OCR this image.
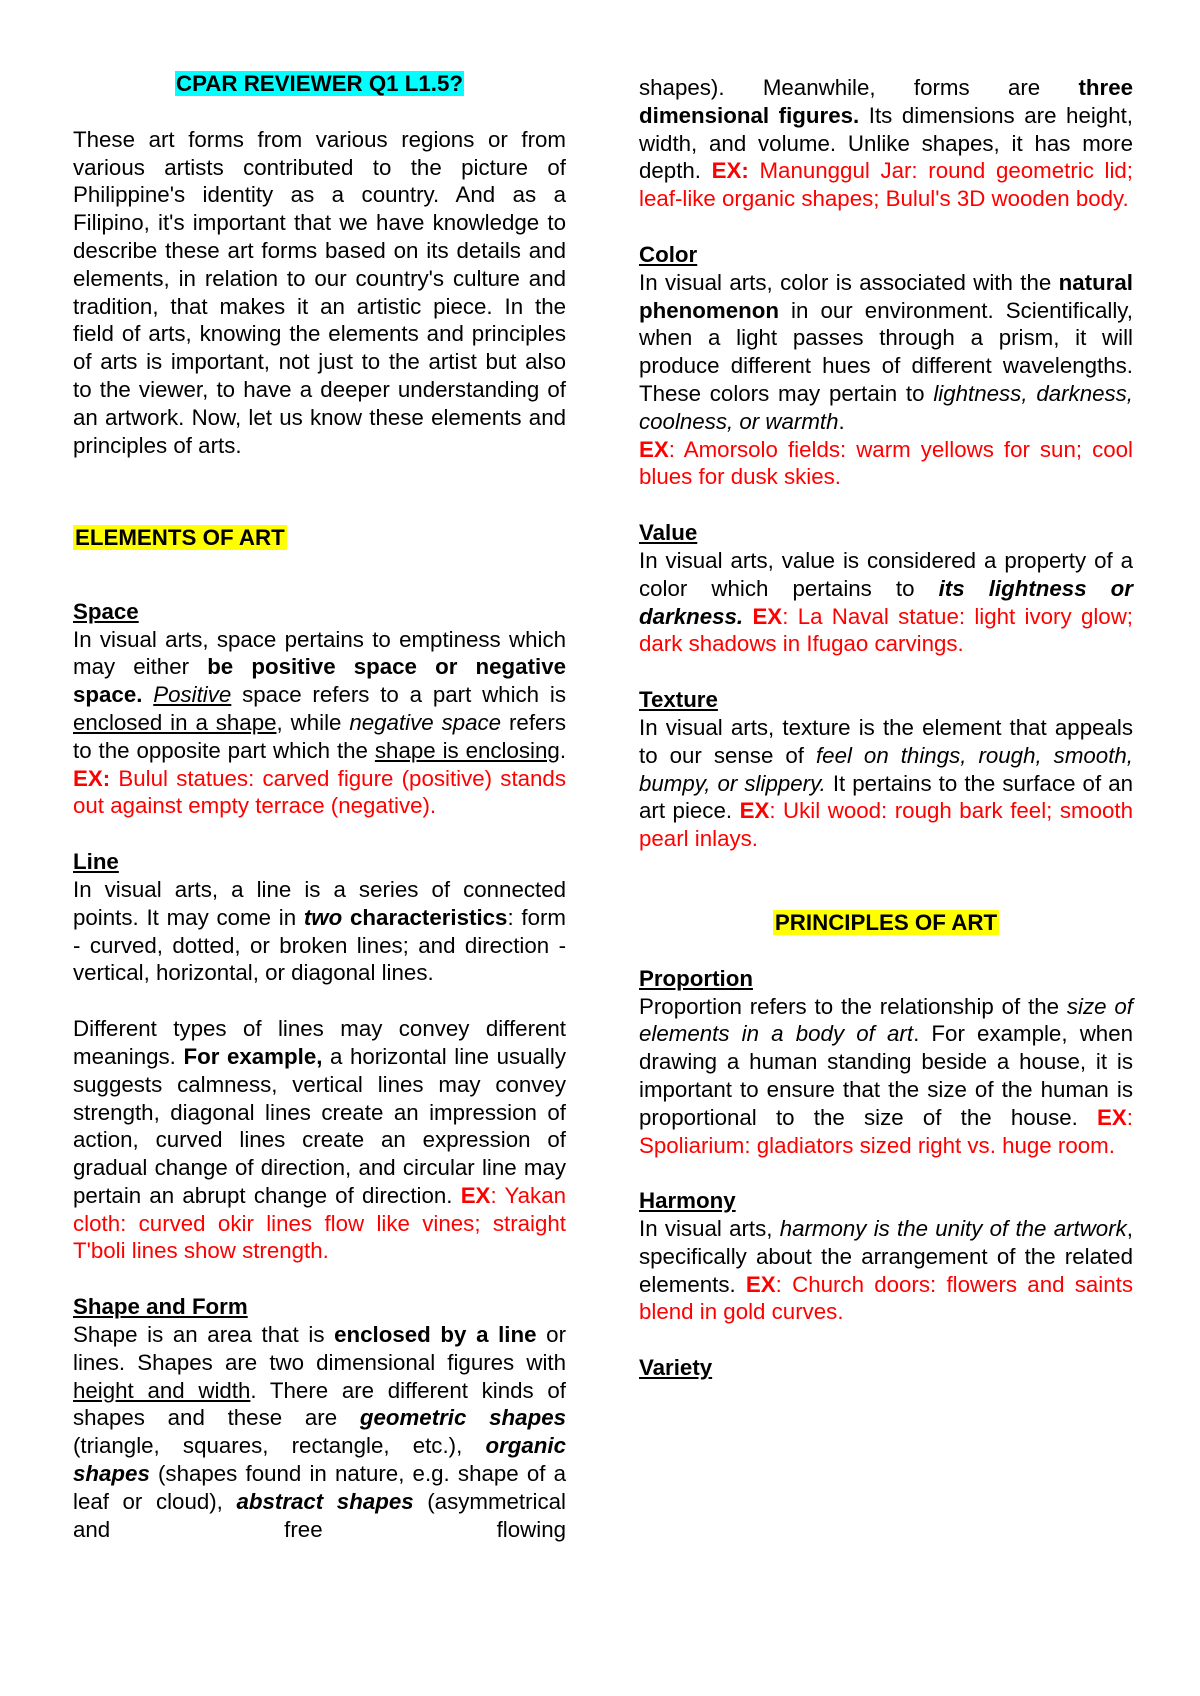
CPAR REVIEWER Q1 L1.5?

These art forms from various regions or from various artists contributed to the picture of Philippine's identity as a country. And as a Filipino, it's important that we have knowledge to describe these art forms based on its details and elements, in relation to our country's culture and tradition, that makes it an artistic piece. In the field of arts, knowing the elements and principles of arts is important, not just to the artist but also to the viewer, to have a deeper understanding of an artwork. Now, let us know these elements and principles of arts.

ELEMENTS OF ART

Space

In visual arts, space pertains to emptiness which may either be positive space or negative space. Positive space refers to a part which is enclosed in a shape, while negative space refers to the opposite part which the shape is enclosing. EX: Bulul statues: carved figure (positive) stands out against empty terrace (negative).

Line

In visual arts, a line is a series of connected points. It may come in two characteristics: form - curved, dotted, or broken lines; and direction - vertical, horizontal, or diagonal lines.

Different types of lines may convey different meanings. For example, a horizontal line usually suggests calmness, vertical lines may convey strength, diagonal lines create an impression of action, curved lines create an expression of gradual change of direction, and circular line may pertain an abrupt change of direction. EX: Yakan cloth: curved okir lines flow like vines; straight T'boli lines show strength.

Shape and Form

Shape is an area that is enclosed by a line or lines. Shapes are two dimensional figures with height and width. There are different kinds of shapes and these are geometric shapes (triangle, squares, rectangle, etc.), organic shapes (shapes found in nature, e.g. shape of a leaf or cloud), abstract shapes (asymmetrical and free flowing

shapes). Meanwhile, forms are three dimensional figures. Its dimensions are height, width, and volume. Unlike shapes, it has more depth. EX: Manunggul Jar: round geometric lid; leaf-like organic shapes; Bulul's 3D wooden body.

Color

In visual arts, color is associated with the natural phenomenon in our environment. Scientifically, when a light passes through a prism, it will produce different hues of different wavelengths. These colors may pertain to lightness, darkness, coolness, or warmth.
EX: Amorsolo fields: warm yellows for sun; cool blues for dusk skies.

Value

In visual arts, value is considered a property of a color which pertains to its lightness or darkness. EX: La Naval statue: light ivory glow; dark shadows in Ifugao carvings.

Texture

In visual arts, texture is the element that appeals to our sense of feel on things, rough, smooth, bumpy, or slippery. It pertains to the surface of an art piece. EX: Ukil wood: rough bark feel; smooth pearl inlays.

PRINCIPLES OF ART

Proportion

Proportion refers to the relationship of the size of elements in a body of art. For example, when drawing a human standing beside a house, it is important to ensure that the size of the human is proportional to the size of the house. EX: Spoliarium: gladiators sized right vs. huge room.

Harmony

In visual arts, harmony is the unity of the artwork, specifically about the arrangement of the related elements. EX: Church doors: flowers and saints blend in gold curves.

Variety
